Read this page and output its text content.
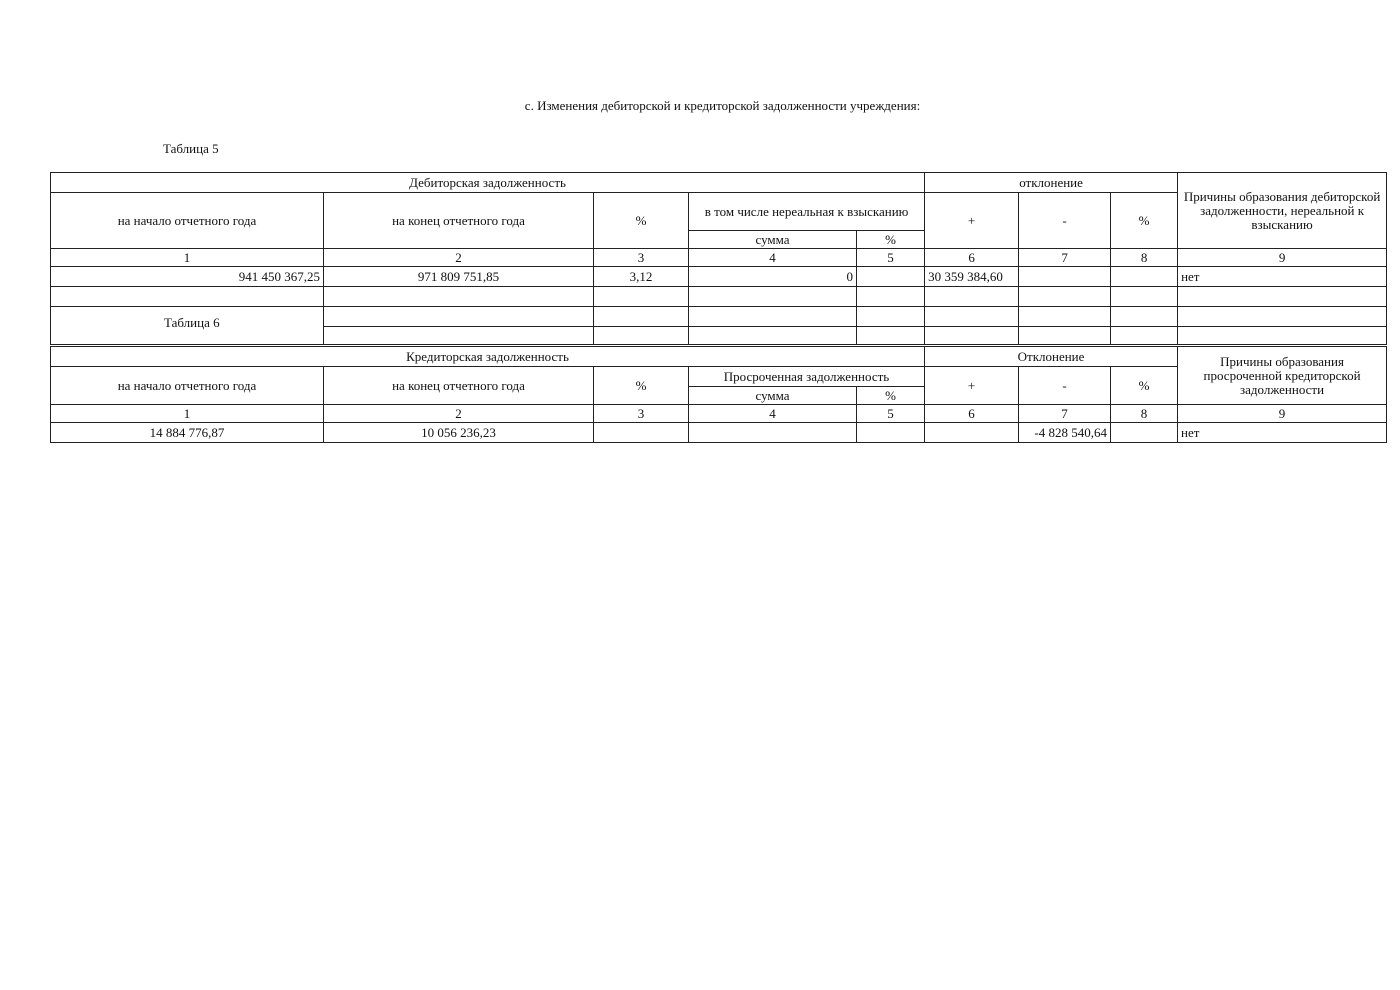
с. Изменения дебиторской и кредиторской задолженности учреждения:
Таблица 5
Дебиторская задолженность					отклонение			Причины образования дебиторской задолженности, нереальной к взысканию
на начало отчетного года	на конец отчетного года	%	в том числе нереальная к взысканию		+	-	%	
			сумма	%				
1	2	3	4	5	6	7	8	9
941 450 367,25	971 809 751,85	3,12	0		30 359 384,60			нет

Таблица 6
Кредиторская задолженность					Отклонение			Причины образования просроченной кредиторской задолженности
на начало отчетного года	на конец отчетного года	%	Просроченная задолженность		+	-	%	
			сумма	%				
1	2	3	4	5	6	7	8	9
14 884 776,87	10 056 236,23					-4 828 540,64		нет
